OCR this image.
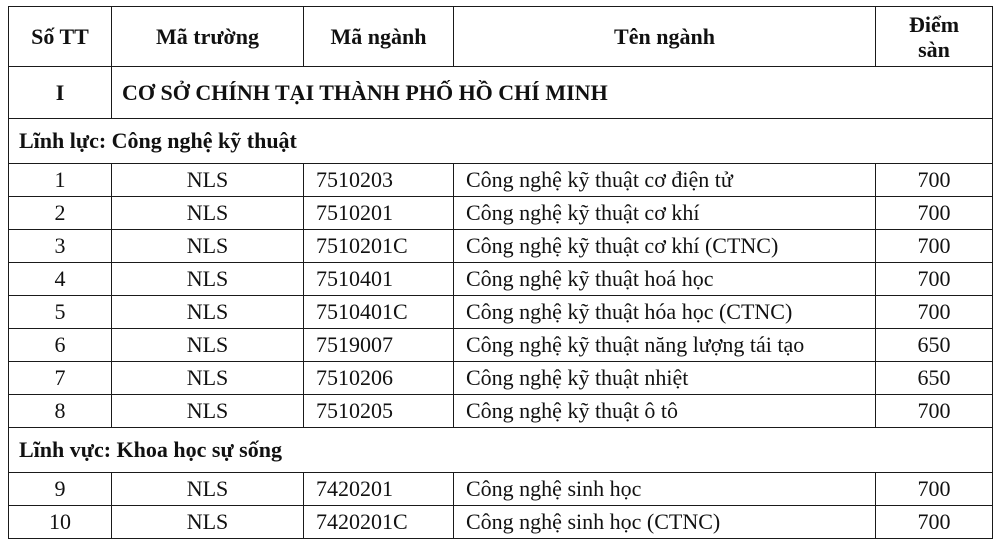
Số TT	Mã trường	Mã ngành	Tên ngành	Điểm
sàn

I	CƠ SỞ CHÍNH TẠI THÀNH PHỐ HỒ CHÍ MINH			
Lĩnh lực: Công nghệ kỹ thuật				
1	NLS	7510203	Công nghệ kỹ thuật cơ điện tử	700
2	NLS	7510201	Công nghệ kỹ thuật cơ khí	700
3	NLS	7510201C	Công nghệ kỹ thuật cơ khí (CTNC)	700
4	NLS	7510401	Công nghệ kỹ thuật hoá học	700
5	NLS	7510401C	Công nghệ kỹ thuật hóa học (CTNC)	700
6	NLS	7519007	Công nghệ kỹ thuật năng lượng tái tạo	650
7	NLS	7510206	Công nghệ kỹ thuật nhiệt	650
8	NLS	7510205	Công nghệ kỹ thuật ô tô	700
Lĩnh vực: Khoa học sự sống				
9	NLS	7420201	Công nghệ sinh học	700
10	NLS	7420201C	Công nghệ sinh học (CTNC)	700
